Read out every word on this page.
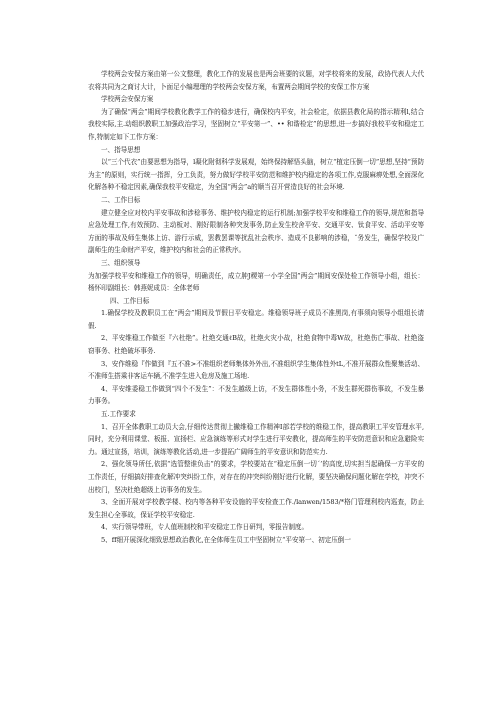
学校两会安保方案由第一公文整理，教化工作的发展也是两会班要的议题，对学校将来的发展，政协代表人大代衣将共同为之商讨大计，卜面足小编理理的学校两会安保方案，布置两会期间学校的安保工作方案

学校两会安保方案

为了确保“两会”期间学校教化教学工作的稳步进行，确保校内平安，社会检定，依据县教化局的指示精利l,结合我校实际,主.动组织教职工加强政治学习，坚固树立“平安第一”、•• 和谐检定”的思想,进一步搞好我校平安和稳定工作,特制定如下工作方案：

一、指导思想

以“三个代衣”由要思想为指导，l凝化附彻科学发展观，始终保持解悟头脑，树立“植定压倒一切”思想,坚持“预防为主”的原则，实行统一指挥，分工负责，努力做好学校平安防范和维护校内稳定的各项工作,克服麻痹处想,全面深化化解各种不稳定因素,确保我校平安稳定，为全国“两会”a的顺当召开营造良好的社会环境.

二、工作目标

建立健全应对校内平安事故和涉稔事务、维护校内稳定的运行机制;加强学校平安和维稳工作的领导,规范和指导应急处理工作,有效预防、主动板对、刚好限制各种突发事务,防止发生校舍平安、交通平安、钛食平安、活动平安等方面的事故及师生集体上访、游行示威，罢教罢课等扰乱社会秩序、造成不良影响的涉稳，ˇ务发生，确保学校及广副师生的生命财产平安，维护校内和社会的正常秩序。

三、组织领导

为加强学校平安和维稳工作的领导，明确责任，成立肿J稷第一小学全国”两会”期间安保处检工作领导小组，组长：杨怀印副组长：韩燕妮成员：全体老师

四、工作目标

1.确保学校及教职员工在“两会”期间及节假日平安稳定。维稳领导班子成员不准黑岗,有事须向领导小组组长请假.

2、平安维稳工作做至『六杜绝”。杜绝交通ℓB故，杜绝火灾小故，杜绝食物中毒W故，杜绝伤亡事故、杜绝盗窃事务、杜绝破坏事务.

3、安作维稳『作做到『五不准>不准组织老师集体外外出,不准组织学生集体性外tL,不准开展群众性聚集活动、不准师生搭乘非客运车辆,不准学生进入危房及施工场地.

4、平安维委稳工作做到“四个不发生”：不发生越级上访，不发生群体性小务，不发生群死群伤事故，不发生暴力事务。

五.工作要求

1、召开全体教职工动员大会,仔细传达贯彻上撇维稳工作精神I部若学校的维稳工作，提高教职工平安管理水平,同时，充分利用课堂、板报、宣扬栏、应急演练等形式对学生进行平安教化，提高师生的平安防范意识和应急避险实力。通过宣扬，培训，演练等教化活动,进一步提拓广阔师生的平安意识和防范实力.

2、强化领导所任,依据“选管整谁负击”的要求，学校要站在“稳定压倒一切ˊ’的高度,切实担当起确保一方平安的工作责任，仔细搞好排查化解冲突纠纷工作，对存在的冲突纠纷刚好进行化解，要坚决确保问题化解在学校，冲突不出校门，坚决杜绝超级上访事务的发生。

3、全面开展对学校教学楼、校内等各种平安设施的平安检查工作./lanwen/1583/*格门管理利校内巡查，防止发生担心全事故，保证学校平安稳定.

4、实行领导带班，专人值班制校和平安稳定工作日研判，零报告制度。

5、ff细开展深化细致思想政治教化,在全体师生员工中坚固树立“平安第一、初定压倒一
